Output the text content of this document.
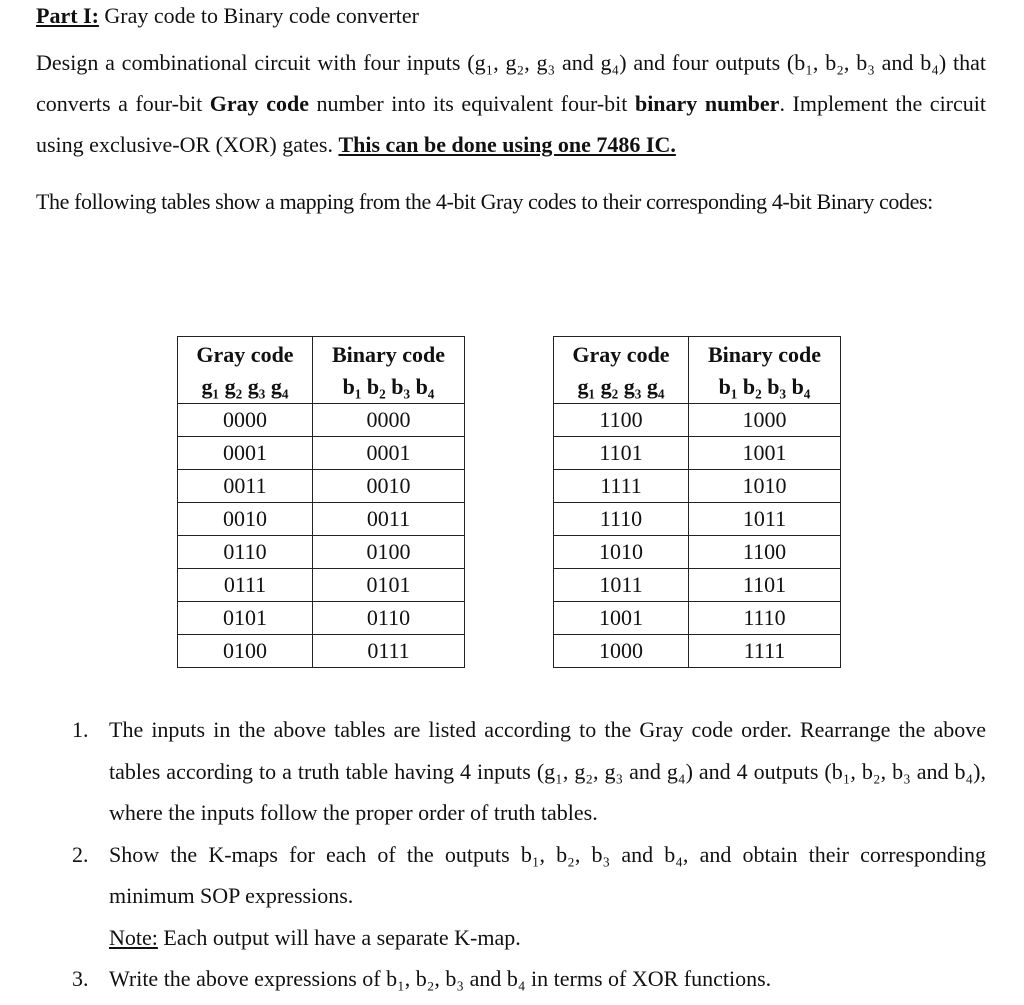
Part I: Gray code to Binary code converter
Design a combinational circuit with four inputs (g₁, g₂, g₃ and g₄) and four outputs (b₁, b₂, b₃ and b₄) that converts a four-bit Gray code number into its equivalent four-bit binary number. Implement the circuit using exclusive-OR (XOR) gates. This can be done using one 7486 IC.
The following tables show a mapping from the 4-bit Gray codes to their corresponding 4-bit Binary codes:
Gray code	Binary code
g₁ g₂ g₃ g₄	b₁ b₂ b₃ b₄
0000	0000
0001	0001
0011	0010
0010	0011
0110	0100
0111	0101
0101	0110
0100	0111
Gray code	Binary code
g₁ g₂ g₃ g₄	b₁ b₂ b₃ b₄
1100	1000
1101	1001
1111	1010
1110	1011
1010	1100
1011	1101
1001	1110
1000	1111
1. The inputs in the above tables are listed according to the Gray code order. Rearrange the above tables according to a truth table having 4 inputs (g₁, g₂, g₃ and g₄) and 4 outputs (b₁, b₂, b₃ and b₄), where the inputs follow the proper order of truth tables.
2. Show the K-maps for each of the outputs b₁, b₂, b₃ and b₄, and obtain their corresponding minimum SOP expressions.
Note: Each output will have a separate K-map.
3. Write the above expressions of b₁, b₂, b₃ and b₄ in terms of XOR functions.
